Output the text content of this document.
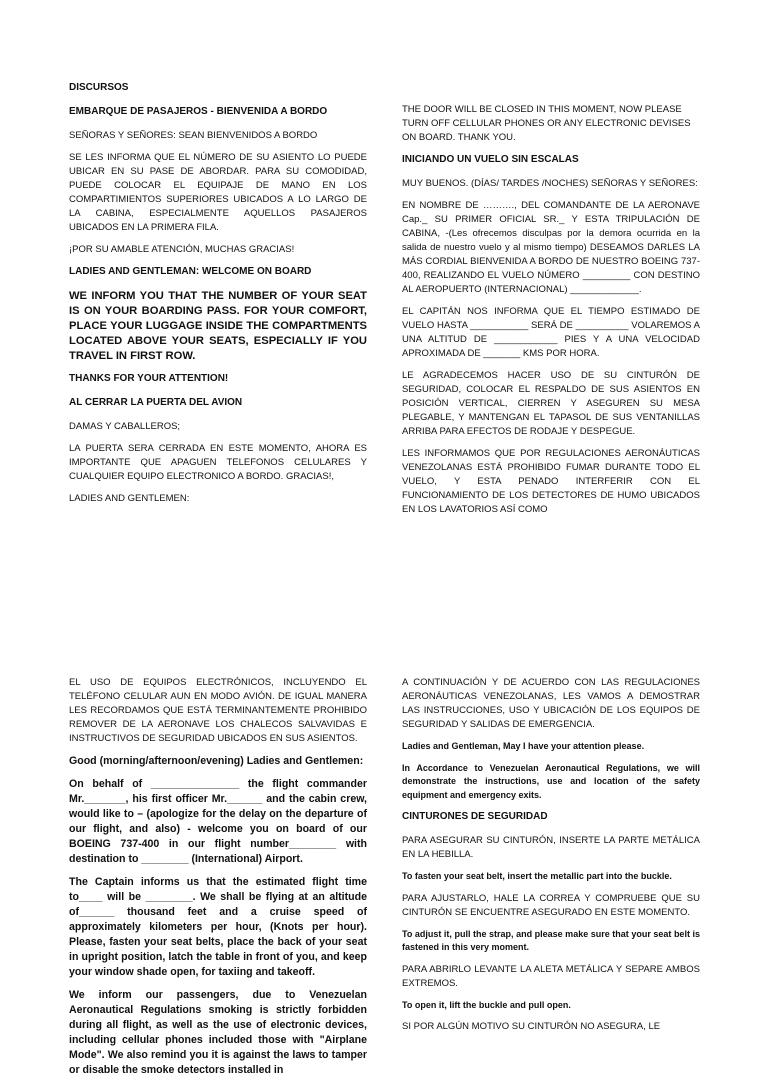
DISCURSOS

EMBARQUE DE PASAJEROS - BIENVENIDA A BORDO

SEÑORAS Y SEÑORES: SEAN BIENVENIDOS A BORDO

SE LES INFORMA QUE EL NÚMERO DE SU ASIENTO LO PUEDE UBICAR EN SU PASE DE ABORDAR. PARA SU COMODIDAD, PUEDE COLOCAR EL EQUIPAJE DE MANO EN LOS COMPARTIMIENTOS SUPERIORES UBICADOS A LO LARGO DE LA CABINA, ESPECIALMENTE AQUELLOS PASAJEROS UBICADOS EN LA PRIMERA FILA.

¡POR SU AMABLE ATENCIÓN, MUCHAS GRACIAS!

LADIES AND GENTLEMAN: WELCOME ON BOARD

WE INFORM YOU THAT THE NUMBER OF YOUR SEAT IS ON YOUR BOARDING PASS. FOR YOUR COMFORT, PLACE YOUR LUGGAGE INSIDE THE COMPARTMENTS LOCATED ABOVE YOUR SEATS, ESPECIALLY IF YOU TRAVEL IN FIRST ROW.

THANKS FOR YOUR ATTENTION!

AL CERRAR LA PUERTA DEL AVION

DAMAS Y CABALLEROS;

LA PUERTA SERA CERRADA EN ESTE MOMENTO, AHORA ES IMPORTANTE QUE APAGUEN TELEFONOS CELULARES Y CUALQUIER EQUIPO ELECTRONICO A BORDO. GRACIAS!,

LADIES AND GENTLEMEN:

THE DOOR WILL BE CLOSED IN THIS MOMENT, NOW PLEASE TURN OFF CELLULAR PHONES OR ANY ELECTRONIC DEVISES ON BOARD. THANK YOU.

INICIANDO UN VUELO SIN ESCALAS

MUY BUENOS. (DÍAS/ TARDES /NOCHES) SEÑORAS Y SEÑORES:

EN NOMBRE DE ………., DEL COMANDANTE DE LA AERONAVE Cap._ SU PRIMER OFICIAL SR._ Y ESTA TRIPULACIÓN DE CABINA, -(Les ofrecemos disculpas por la demora ocurrida en la salida de nuestro vuelo y al mismo tiempo) DESEAMOS DARLES LA MÁS CORDIAL BIENVENIDA A BORDO DE NUESTRO BOEING 737-400, REALIZANDO EL VUELO NÚMERO _________ CON DESTINO AL AEROPUERTO (INTERNACIONAL) _____________.

EL CAPITÁN NOS INFORMA QUE EL TIEMPO ESTIMADO DE VUELO HASTA ___________ SERÁ DE __________ VOLAREMOS A UNA ALTITUD DE ____________ PIES Y A UNA VELOCIDAD APROXIMADA DE _______ KMS POR HORA.

LE AGRADECEMOS HACER USO DE SU CINTURÓN DE SEGURIDAD, COLOCAR EL RESPALDO DE SUS ASIENTOS EN POSICIÓN VERTICAL, CIERREN Y ASEGUREN SU MESA PLEGABLE, Y MANTENGAN EL TAPASOL DE SUS VENTANILLAS ARRIBA PARA EFECTOS DE RODAJE Y DESPEGUE.

LES INFORMAMOS QUE POR REGULACIONES AERONÁUTICAS VENEZOLANAS ESTÁ PROHIBIDO FUMAR DURANTE TODO EL VUELO, Y ESTA PENADO INTERFERIR CON EL FUNCIONAMIENTO DE LOS DETECTORES DE HUMO UBICADOS EN LOS LAVATORIOS ASÍ COMO

EL USO DE EQUIPOS ELECTRÓNICOS, INCLUYENDO EL TELÉFONO CELULAR AUN EN MODO AVIÓN. DE IGUAL MANERA LES RECORDAMOS QUE ESTÁ TERMINANTEMENTE PROHIBIDO REMOVER DE LA AERONAVE LOS CHALECOS SALVAVIDAS E INSTRUCTIVOS DE SEGURIDAD UBICADOS EN SUS ASIENTOS.

Good (morning/afternoon/evening) Ladies and Gentlemen:

On behalf of _______________ the flight commander Mr._______, his first officer Mr.______ and the cabin crew, would like to – (apologize for the delay on the departure of our flight, and also) - welcome you on board of our BOEING 737-400 in our flight number________ with destination to ________ (International) Airport.

The Captain informs us that the estimated flight time to____ will be ________. We shall be flying at an altitude of______ thousand feet and a cruise speed of approximately kilometers per hour, (Knots per hour). Please, fasten your seat belts, place the back of your seat in upright position, latch the table in front of you, and keep your window shade open, for taxiing and takeoff.

We inform our passengers, due to Venezuelan Aeronautical Regulations smoking is strictly forbidden during all flight, as well as the use of electronic devices, including cellular phones included those with "Airplane Mode". We also remind you it is against the laws to tamper or disable the smoke detectors installed in

A CONTINUACIÓN Y DE ACUERDO CON LAS REGULACIONES AERONÁUTICAS VENEZOLANAS, LES VAMOS A DEMOSTRAR LAS INSTRUCCIONES, USO Y UBICACIÓN DE LOS EQUIPOS DE SEGURIDAD Y SALIDAS DE EMERGENCIA.

Ladies and Gentleman, May I have your attention please.

In Accordance to Venezuelan Aeronautical Regulations, we will demonstrate the instructions, use and location of the safety equipment and emergency exits.

CINTURONES DE SEGURIDAD

PARA ASEGURAR SU CINTURÓN, INSERTE LA PARTE METÁLICA EN LA HEBILLA.

To fasten your seat belt, insert the metallic part into the buckle.

PARA AJUSTARLO, HALE LA CORREA Y COMPRUEBE QUE SU CINTURÓN SE ENCUENTRE ASEGURADO EN ESTE MOMENTO.

To adjust it, pull the strap, and please make sure that your seat belt is fastened in this very moment.

PARA ABRIRLO LEVANTE LA ALETA METÁLICA Y SEPARE AMBOS EXTREMOS.

To open it, lift the buckle and pull open.

SI POR ALGÚN MOTIVO SU CINTURÓN NO ASEGURA, LE
